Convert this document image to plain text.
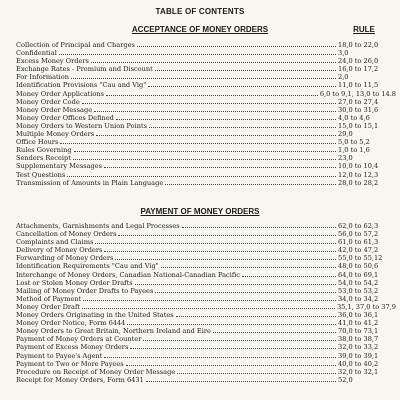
TABLE OF CONTENTS
ACCEPTANCE OF MONEY ORDERS	RULE
Collection of Principal and Charges	18,0 to 22,0
Confidential	3,0
Excess Money Orders	24,0 to 26,0
Exchange Rates - Premium and Discount	16,0 to 17,2
For Information	2,0
Identification Provisions "Cau and Vig"	11,0 to 11,5
Money Order Applications	6,0 to 9,1, 13,0 to 14.8
Money Order Code	27,0 to 27,4
Money Order Message	30,0 to 31,6
Money Order Offices Defined	4,0 to 4,6
Money Orders to Western Union Points	15,0 to 15,1
Multiple Money Orders	29,0
Office Hours	5,0 to 5,2
Rules Governing	1,0 to 1,6
Senders Receipt	23,0
Supplementary Messages	10,0 to 10,4
Test Questions	12,0 to 12,3
Transmission of Amounts in Plain Language	28,0 to 28,2
PAYMENT OF MONEY ORDERS
Attachments, Garnishments and Legal Processes	62,0 to 62,3
Cancellation of Money Orders	56,0 to 57,2
Complaints and Claims	61,0 to 61,3
Delivery of Money Orders	42,0 to 47,2
Forwarding of Money Orders	55,0 to 55,12
Identification Requirements "Cau and Vig"	48,0 to 50,6
Interchange of Money Orders, Canadian National-Canadian Pacific	64,0 to 69,1
Lost or Stolen Money Order Drafts	54,0 to 54,2
Mailing of Money Order Drafts to Payees	53,0 to 53,2
Method of Payment	34,0 to 34,2
Money Order Draft	35,1, 37,0 to 37,9
Money Orders Originating in the United States	36,0 to 36,1
Money Order Notice, Form 6444	41,0 to 41,2
Money Orders to Great Britain, Northern Ireland and Eire	70,0 to 73,1
Payment of Money Orders at Counter	38,0 to 38,7
Payment of Excess Money Orders	32,0 to 33,2
Payment to Payee's Agent	39,0 to 39,1
Payment to Two or More Payees	40,0 to 40,2
Procedure on Receipt of Money Order Message	32,0 to 32,1
Receipt for Money Orders, Form 6431	52,0
